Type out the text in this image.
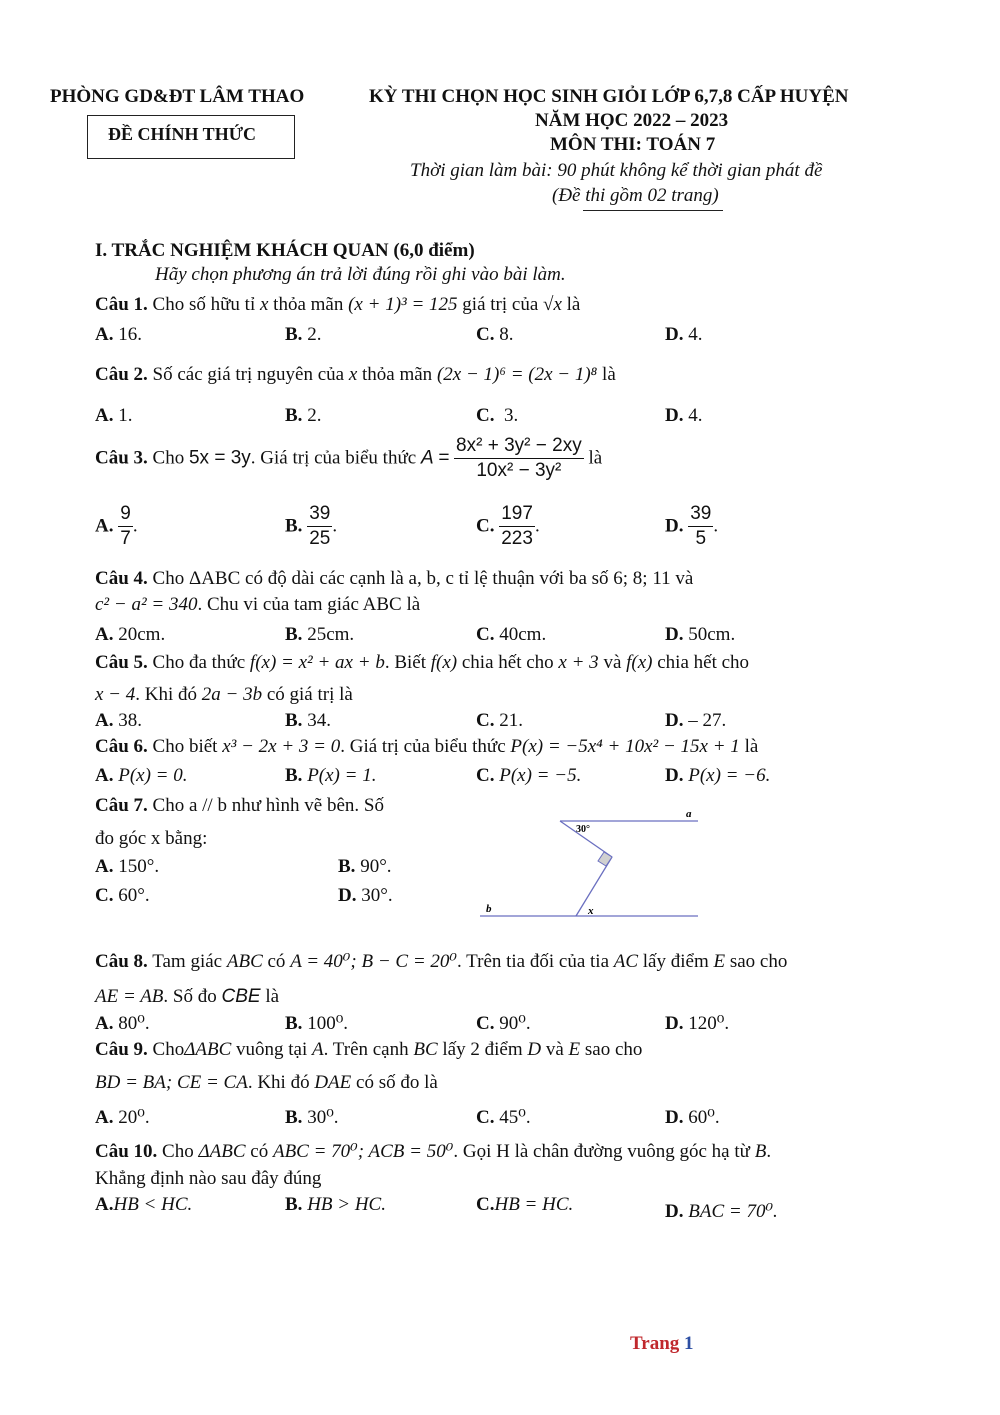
PHÒNG GD&ĐT LÂM THAO
ĐỀ CHÍNH THỨC
KỲ THI CHỌN HỌC SINH GIỎI LỚP 6,7,8 CẤP HUYỆN
NĂM HỌC 2022 – 2023
MÔN THI: TOÁN 7
Thời gian làm bài: 90 phút không kể thời gian phát đề
(Đề thi gồm 02 trang)
I. TRẮC NGHIỆM KHÁCH QUAN (6,0 điểm)
Hãy chọn phương án trả lời đúng rồi ghi vào bài làm.
Câu 1. Cho số hữu tỉ x thỏa mãn (x + 1)³ = 125 giá trị của √x là
A. 16.	B. 2.	C. 8.	D. 4.
Câu 2. Số các giá trị nguyên của x thỏa mãn (2x − 1)⁶ = (2x − 1)⁸ là
A. 1.	B. 2.	C. 3.	D. 4.
Câu 3. Cho 5x = 3y. Giá trị của biểu thức $A = \frac{\text{8x² + 3y² − 2xy}}{\text{10x² − 3y²}}$ là
A. $\frac{9}{7}$ .	B. $\frac{39}{25}$ .	C. $\frac{197}{223}$ .	D. $\frac{39}{5}$ .
Câu 4. Cho ΔABC có độ dài các cạnh là a, b, c tỉ lệ thuận với ba số 6; 8; 11 và
c² − a² = 340. Chu vi của tam giác ABC là
A. 20cm.	B. 25cm.	C. 40cm.	D. 50cm.
Câu 5. Cho đa thức f(x) = x² + ax + b. Biết f(x) chia hết cho x + 3 và f(x) chia hết cho
x − 4. Khi đó 2a − 3b có giá trị là
A. 38.	B. 34.	C. 21.	D. – 27.
Câu 6. Cho biết x³ − 2x + 3 = 0. Giá trị của biểu thức P(x) = −5x⁴ + 10x² − 15x + 1 là
A. P(x) = 0.	B. P(x) = 1.	C. P(x) = −5.	D. P(x) = −6.
Câu 7. Cho a // b như hình vẽ bên. Số
đo góc x bằng:
A. 150°.	B. 90°.
C. 60°.	D. 30°.
a
b	x
30°
Câu 8. Tam giác ABC có A = 40⁰; B − C = 20⁰. Trên tia đối của tia AC lấy điểm E sao cho
AE = AB. Số đo CBE là
A. 80⁰.	B. 100⁰.	C. 90⁰.	D. 120⁰.
Câu 9. ChoΔABC vuông tại A. Trên cạnh BC lấy 2 điểm D và E sao cho
BD = BA; CE = CA. Khi đó DAE có số đo là
A. 20⁰.	B. 30⁰.	C. 45⁰.	D. 60⁰.
Câu 10. Cho ΔABC có ABC = 70⁰; ACB = 50⁰. Gọi H là chân đường vuông góc hạ từ B.
Khẳng định nào sau đây đúng
A.HB < HC.	B. HB > HC.	C.HB = HC.	D. BAC = 70⁰.
Trang 1
